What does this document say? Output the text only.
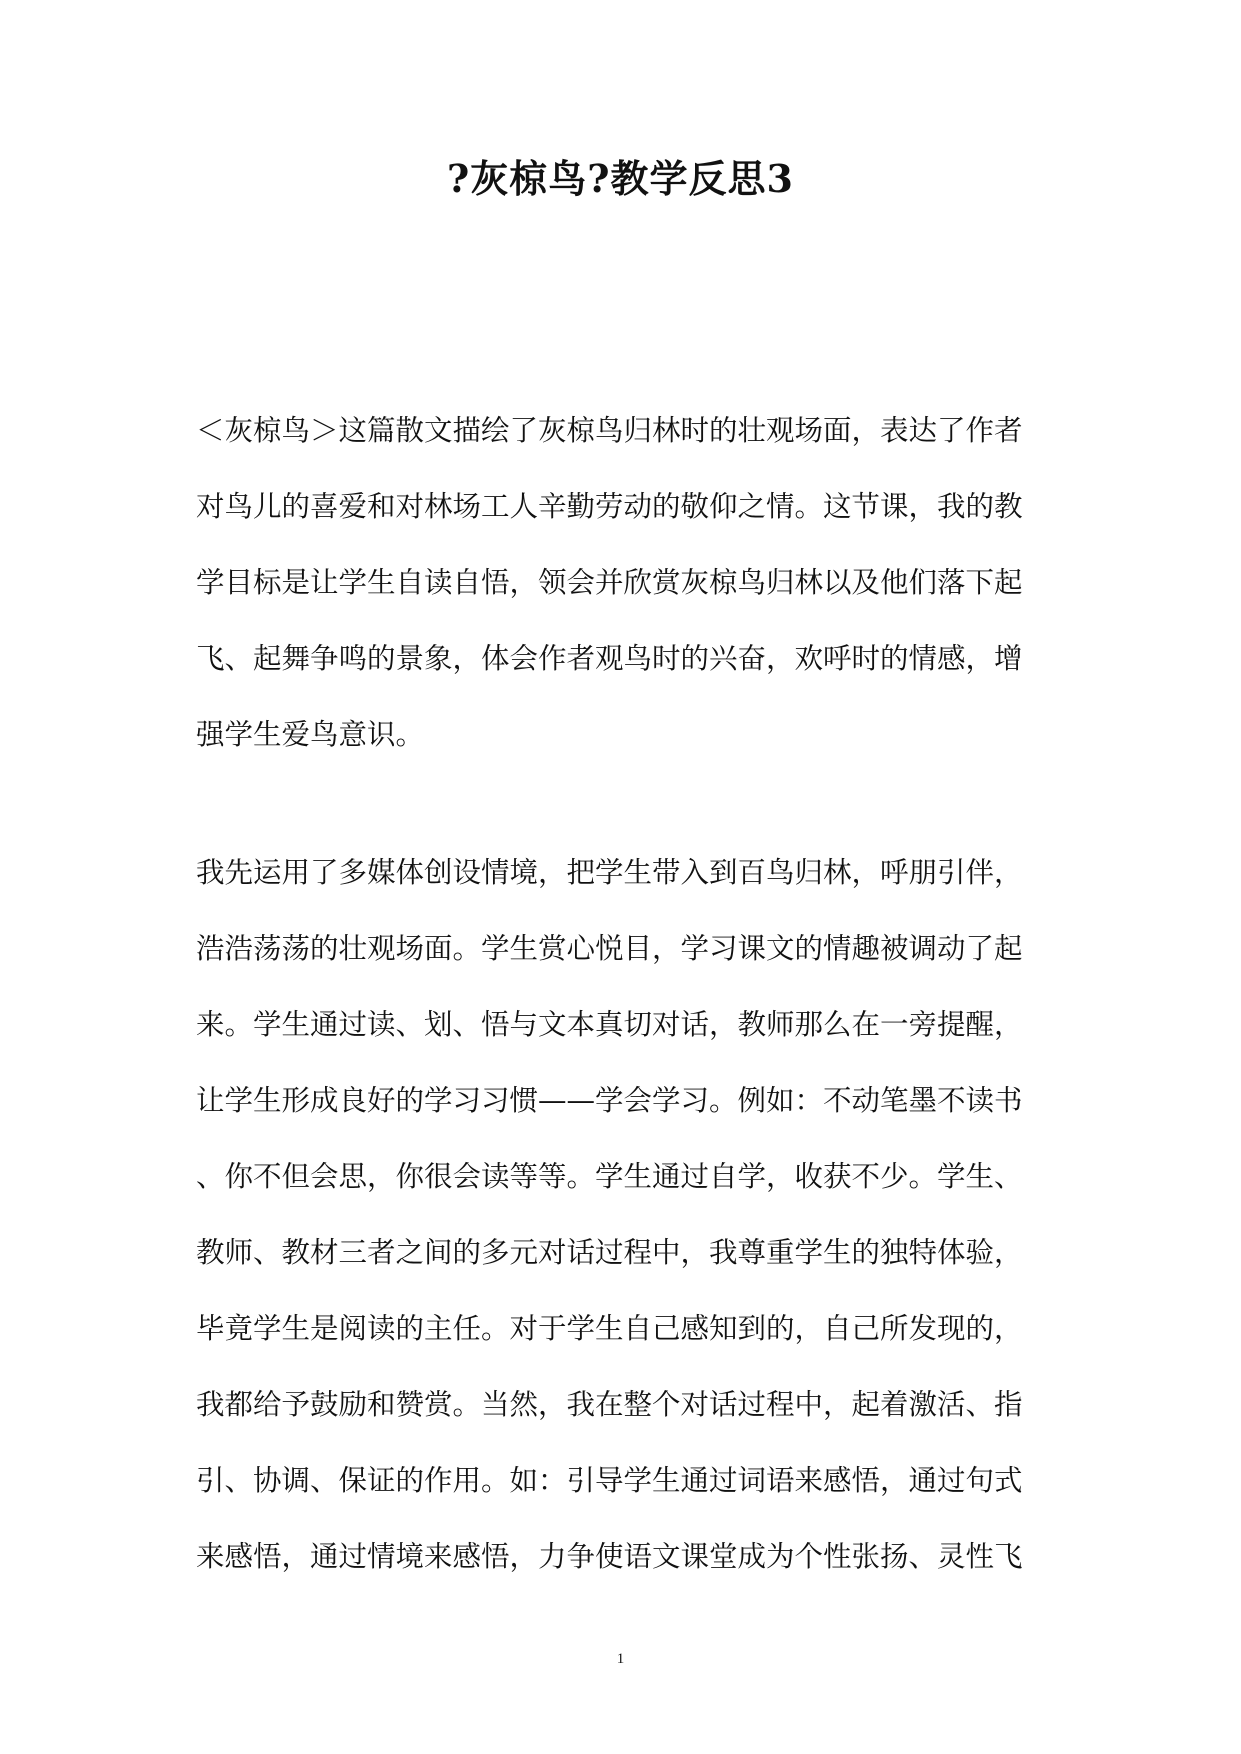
?灰椋鸟?教学反思3
＜灰椋鸟＞这篇散文描绘了灰椋鸟归林时的壮观场面，表达了作者
对鸟儿的喜爱和对林场工人辛勤劳动的敬仰之情。这节课，我的教
学目标是让学生自读自悟，领会并欣赏灰椋鸟归林以及他们落下起
飞、起舞争鸣的景象，体会作者观鸟时的兴奋，欢呼时的情感，增
强学生爱鸟意识。
我先运用了多媒体创设情境，把学生带入到百鸟归林，呼朋引伴，
浩浩荡荡的壮观场面。学生赏心悦目，学习课文的情趣被调动了起
来。学生通过读、划、悟与文本真切对话，教师那么在一旁提醒，
让学生形成良好的学习习惯——学会学习。例如：不动笔墨不读书
、你不但会思，你很会读等等。学生通过自学，收获不少。学生、
教师、教材三者之间的多元对话过程中，我尊重学生的独特体验，
毕竟学生是阅读的主任。对于学生自己感知到的，自己所发现的，
我都给予鼓励和赞赏。当然，我在整个对话过程中，起着激活、指
引、协调、保证的作用。如：引导学生通过词语来感悟，通过句式
来感悟，通过情境来感悟，力争使语文课堂成为个性张扬、灵性飞
1
